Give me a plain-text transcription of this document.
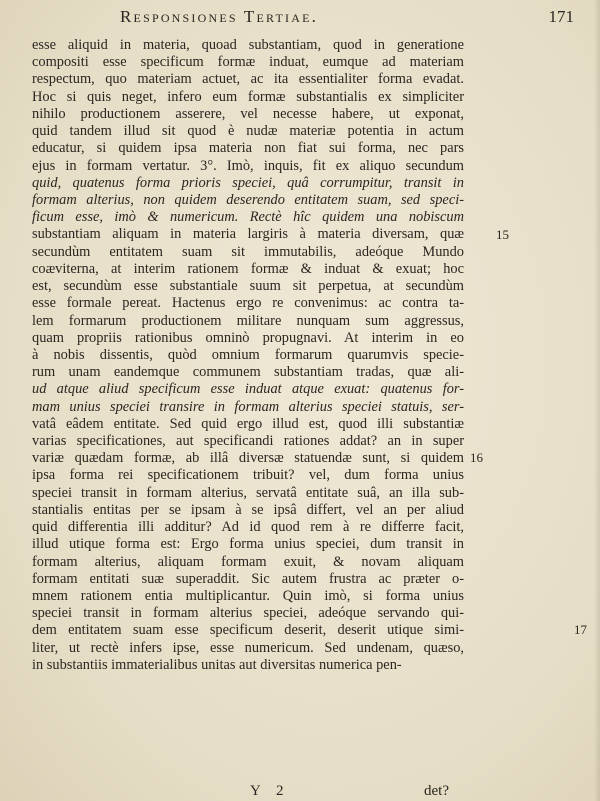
Responsiones Tertiae.	171
esse aliquid in materia, quoad substantiam, quod in generatione
compositi esse specificum formæ induat, eumque ad materiam
respectum, quo materiam actuet, ac ita essentialiter forma evadat.
Hoc si quis neget, infero eum formæ substantialis ex simpliciter
nihilo productionem asserere, vel necesse habere, ut exponat,
quid tandem illud sit quod è nudæ materiæ potentia in actum
educatur, si quidem ipsa materia non fiat sui forma, nec pars
ejus in formam vertatur. 3°. Imò, inquis, fit ex aliquo secundum
quid, quatenus forma prioris speciei, quâ corrumpitur, transit in
formam alterius, non quidem deserendo entitatem suam, sed speci-
ficum esse, imò & numericum. Rectè hîc quidem una nobiscum
substantiam aliquam in materia largiris à materia diversam, quæ
secundùm entitatem suam sit immutabilis, adeóque Mundo
coæviterna, at interim rationem formæ & induat & exuat; hoc
est, secundùm esse substantiale suum sit perpetua, at secundùm
esse formale pereat. Hactenus ergo re convenimus: ac contra ta-
lem formarum productionem militare nunquam sum aggressus,
quam propriis rationibus omninò propugnavi. At interim in eo
à nobis dissentis, quòd omnium formarum quarumvis specie-
rum unam eandemque communem substantiam tradas, quæ ali-
ud atque aliud specificum esse induat atque exuat: quatenus for-
mam unius speciei transire in formam alterius speciei statuis, ser-
vatâ eâdem entitate. Sed quid ergo illud est, quod illi substantiæ
varias specificationes, aut specificandi rationes addat? an in super
variæ quædam formæ, ab illâ diversæ statuendæ sunt, si quidem
ipsa forma rei specificationem tribuit? vel, dum forma unius
speciei transit in formam alterius, servatâ entitate suâ, an illa sub-
stantialis entitas per se ipsam à se ipsâ differt, vel an per aliud
quid differentia illi additur? Ad id quod rem à re differre facit,
illud utique forma est: Ergo forma unius speciei, dum transit in
formam alterius, aliquam formam exuit, & novam aliquam
formam entitati suæ superaddit. Sic autem frustra ac præter o-
mnem rationem entia multiplicantur. Quin imò, si forma unius
speciei transit in formam alterius speciei, adeóque servando qui-
dem entitatem suam esse specificum deserit, deserit utique simi-
liter, ut rectè infers ipse, esse numericum. Sed undenam, quæso,
in substantiis immaterialibus unitas aut diversitas numerica pen-
15
16
17
Y 2	det?
